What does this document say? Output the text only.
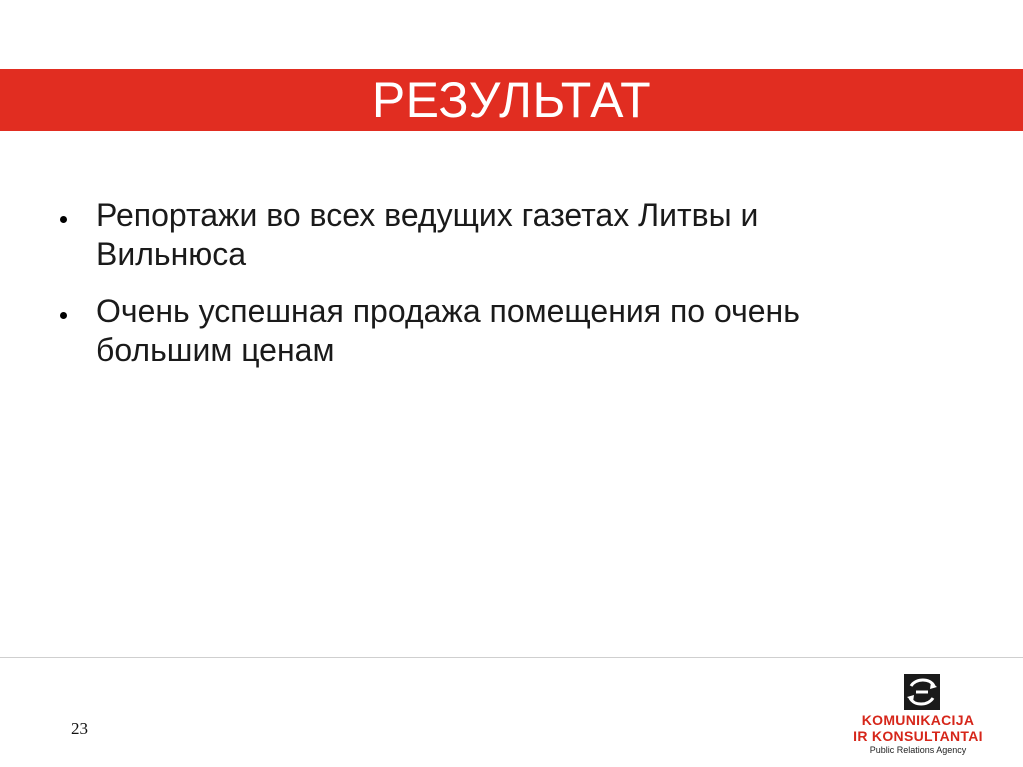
РЕЗУЛЬТАТ
Репортажи во всех ведущих газетах Литвы и Вильнюса
Очень успешная продажа помещения по очень большим ценам
23	KOMUNIKACIJA
IR KONSULTANTAI
Public Relations Agency
